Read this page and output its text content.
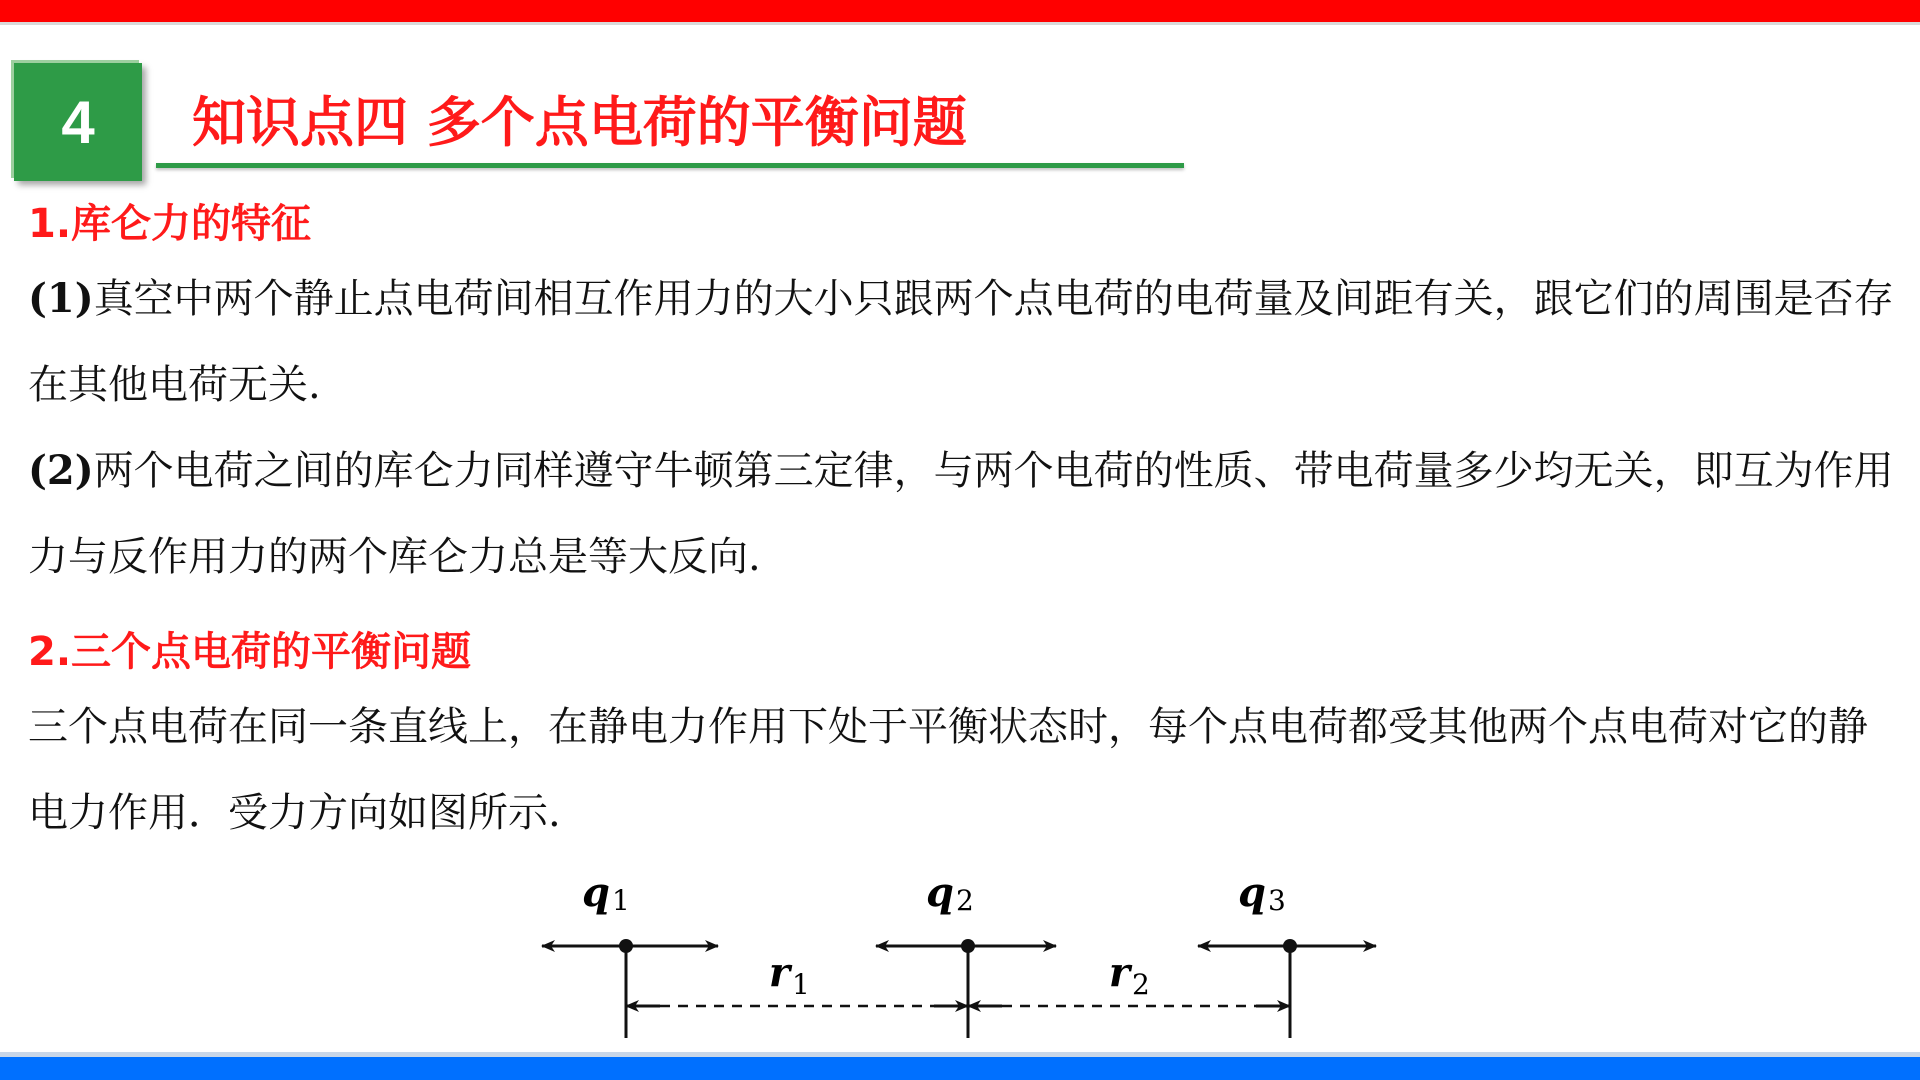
4 知识点四 多个点电荷的平衡问题
1.库仑力的特征

(1)真空中两个静止点电荷间相互作用力的大小只跟两个点电荷的电荷量及间距有关，跟它们的周围是否存在其他电荷无关.

(2)两个电荷之间的库仑力同样遵守牛顿第三定律，与两个电荷的性质、带电荷量多少均无关，即互为作用力与反作用力的两个库仑力总是等大反向.

2.三个点电荷的平衡问题

三个点电荷在同一条直线上，在静电力作用下处于平衡状态时，每个点电荷都受其他两个点电荷对它的静电力作用．受力方向如图所示.

q 1	q 2	q 3
r 1	r 2
